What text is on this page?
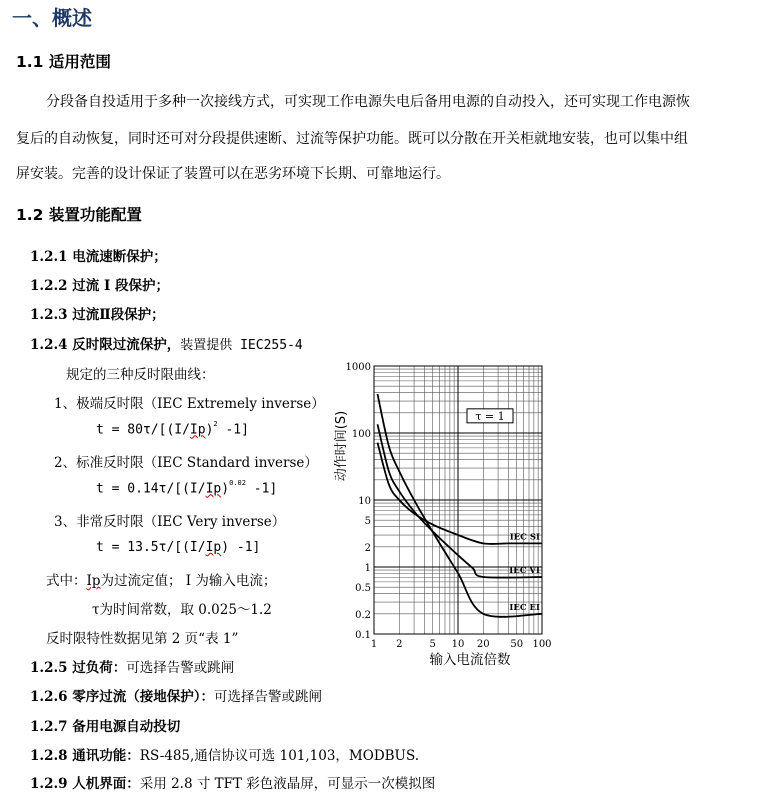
一、概述
1.1 适用范围
分段备自投适用于多种一次接线方式，可实现工作电源失电后备用电源的自动投入，还可实现工作电源恢
复后的自动恢复，同时还可对分段提供速断、过流等保护功能。既可以分散在开关柜就地安装，也可以集中组
屏安装。完善的设计保证了装置可以在恶劣环境下长期、可靠地运行。
1.2 装置功能配置
1.2.1 电流速断保护；
1.2.2 过流 I 段保护；
1.2.3 过流Ⅱ段保护；
1.2.4 反时限过流保护，装置提供 IEC255-4
规定的三种反时限曲线：
1、极端反时限（IEC Extremely inverse）
$t = 80\tau/[(I/Ip)^2$ -1]
2、标准反时限（IEC Standard inverse）
$t = 0.14\tau/[(I/Ip)^{0.02}$ -1]
3、非常反时限（IEC Very inverse）
t = 13.5τ/[(I/Ip) -1]
式中：Ip为过流定值； I 为输入电流；
τ为时间常数，取 0.025～1.2
反时限特性数据见第 2 页“表 1”
1.2.5 过负荷：可选择告警或跳闸
1.2.6 零序过流（接地保护）：可选择告警或跳闸
1.2.7 备用电源自动投切
1.2.8 通讯功能：RS-485,通信协议可选 101,103，MODBUS.
1.2.9 人机界面：采用 2.8 寸 TFT 彩色液晶屏，可显示一次模拟图
0.1
0.2
0.5
1
2
5
10
100
1000
1 2	5 10 20 50 100
IEC SI
IEC VI
IEC EI
τ = 1
动作时间(S)
输入电流倍数
